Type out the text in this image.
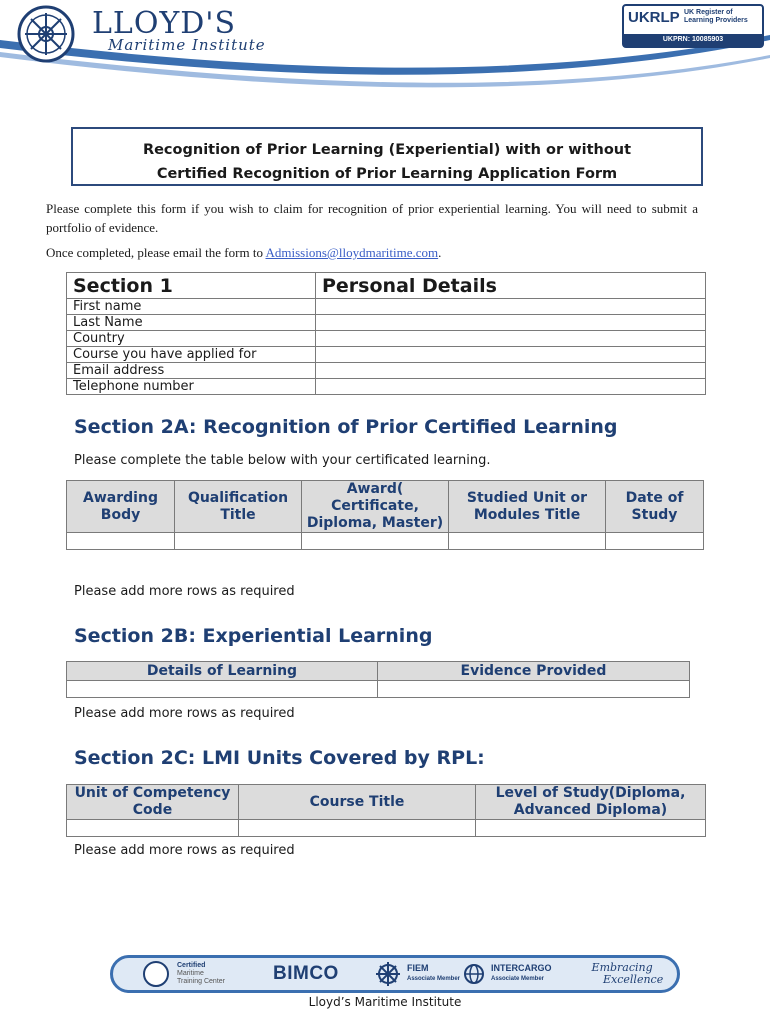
LLOYD'S
Maritime Institute
UKRLP UK Register of Learning Providers
UKPRN: 10085903
Recognition of Prior Learning (Experiential) with or without
Certified Recognition of Prior Learning Application Form
Please complete this form if you wish to claim for recognition of prior experiential learning. You will need to submit a portfolio of evidence.
Once completed, please email the form to Admissions@lloydmaritime.com.
Section 1	Personal Details
First name	
Last Name	
Country	
Course you have applied for	
Email address	
Telephone number	
Section 2A: Recognition of Prior Certified Learning
Please complete the table below with your certificated learning.
Awarding Body	Qualification Title	Award( Certificate, Diploma, Master)	Studied Unit or Modules Title	Date of Study

Please add more rows as required
Section 2B: Experiential Learning
Details of Learning	Evidence Provided

Please add more rows as required
Section 2C: LMI Units Covered by RPL:
Unit of Competency Code	Course Title	Level of Study(Diploma, Advanced Diploma)

Please add more rows as required
Certified
Maritime
Training Center	BIMCO	FIEM
Associate Member
INTERCARGO
Associate Member
Embracing
Excellence
Lloyd’s Maritime Institute
